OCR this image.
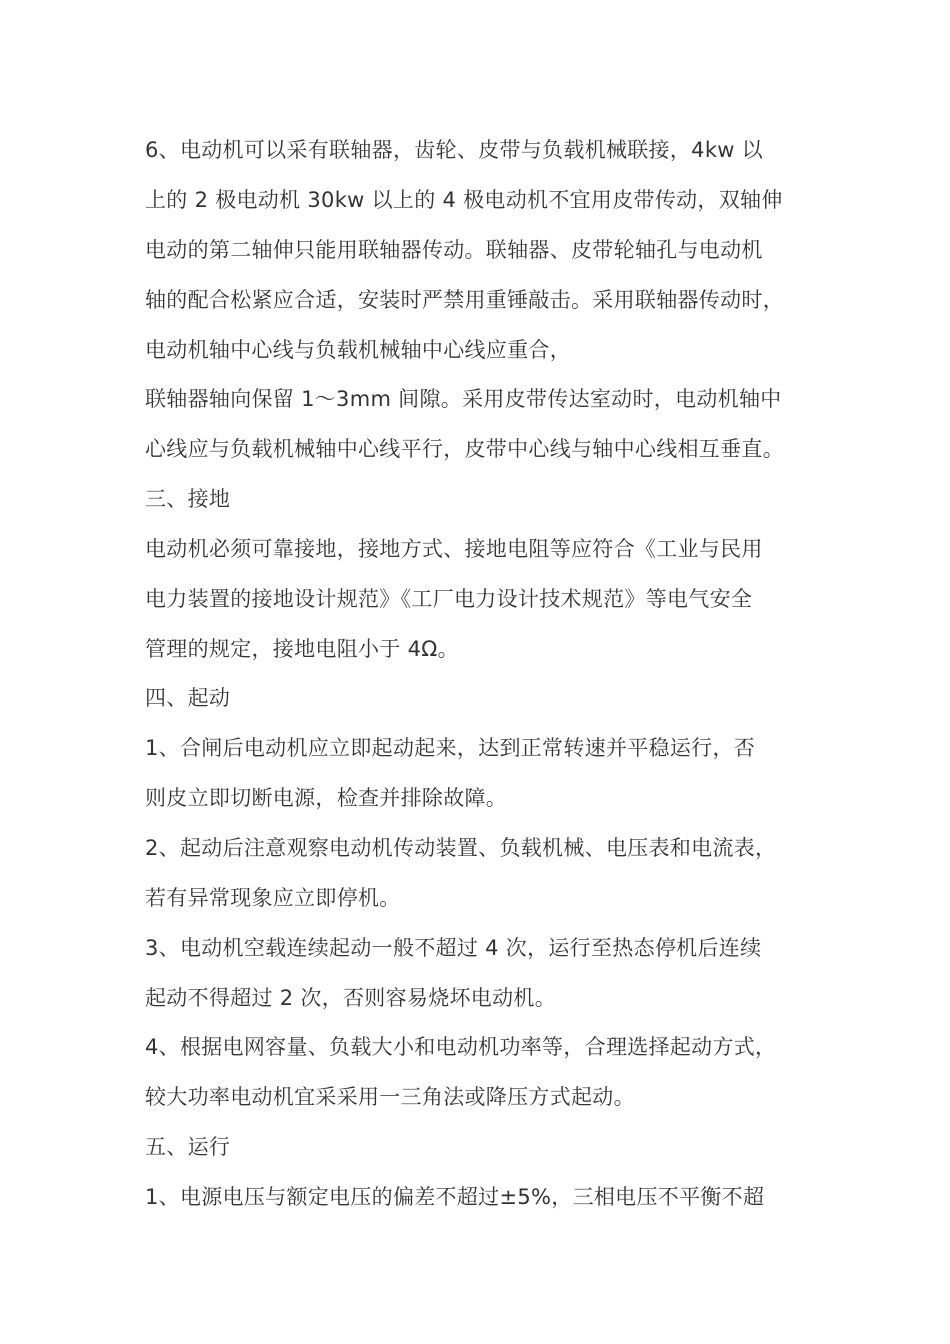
6、电动机可以采有联轴器，齿轮、皮带与负载机械联接，4kw 以
上的 2 极电动机 30kw 以上的 4 极电动机不宜用皮带传动，双轴伸
电动的第二轴伸只能用联轴器传动。联轴器、皮带轮轴孔与电动机
轴的配合松紧应合适，安装时严禁用重锤敲击。采用联轴器传动时，
电动机轴中心线与负载机械轴中心线应重合，
联轴器轴向保留 1～3mm 间隙。采用皮带传达室动时，电动机轴中
心线应与负载机械轴中心线平行，皮带中心线与轴中心线相互垂直。
三、接地
电动机必须可靠接地，接地方式、接地电阻等应符合《工业与民用
电力装置的接地设计规范》《工厂电力设计技术规范》等电气安全
管理的规定，接地电阻小于 4Ω。
四、起动
1、合闸后电动机应立即起动起来，达到正常转速并平稳运行，否
则皮立即切断电源，检查并排除故障。
2、起动后注意观察电动机传动装置、负载机械、电压表和电流表，
若有异常现象应立即停机。
3、电动机空载连续起动一般不超过 4 次，运行至热态停机后连续
起动不得超过 2 次，否则容易烧坏电动机。
4、根据电网容量、负载大小和电动机功率等，合理选择起动方式，
较大功率电动机宜采采用一三角法或降压方式起动。
五、运行
1、电源电压与额定电压的偏差不超过±5%，三相电压不平衡不超
